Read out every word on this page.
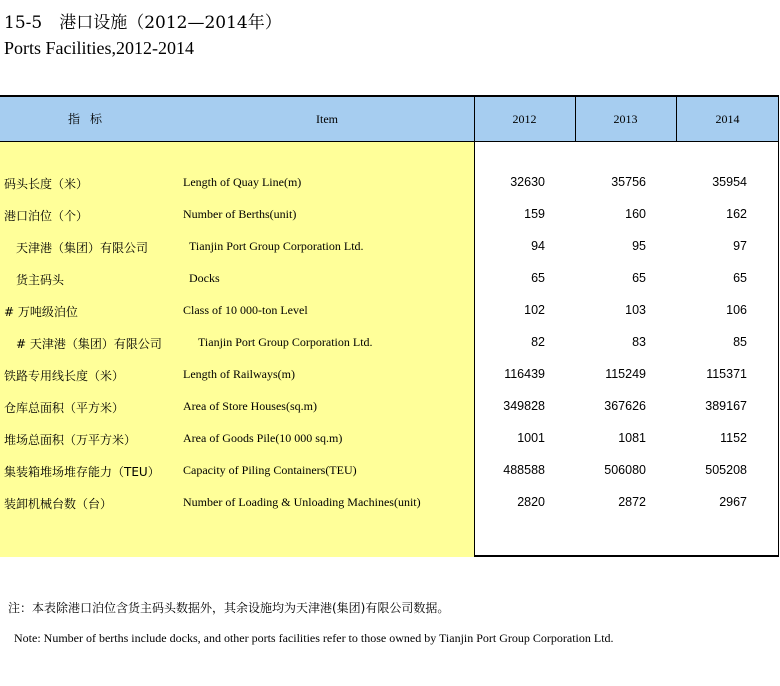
15-5　港口设施（2012—2014年）
Ports Facilities,2012-2014
指标	Item	2012	2013	2014
码头长度（米）	Length of Quay Line(m)	32630	35756	35954
港口泊位（个）	Number of Berths(unit)	159	160	162
天津港（集团）有限公司	Tianjin Port Group Corporation Ltd.	94	95	97
货主码头	Docks	65	65	65
# 万吨级泊位	Class of 10 000-ton Level	102	103	106
# 天津港（集团）有限公司	Tianjin Port Group Corporation Ltd.	82	83	85
铁路专用线长度（米）	Length of Railways(m)	116439	115249	115371
仓库总面积（平方米）	Area of Store Houses(sq.m)	349828	367626	389167
堆场总面积（万平方米）	Area of Goods Pile(10 000 sq.m)	1001	1081	1152
集装箱堆场堆存能力（TEU） Capacity of Piling Containers(TEU)	488588	506080	505208
装卸机械台数（台）	Number of Loading & Unloading Machines(unit)	2820	2872	2967
注：本表除港口泊位含货主码头数据外，其余设施均为天津港(集团)有限公司数据。
Note: Number of berths include docks, and other ports facilities refer to those owned by Tianjin Port Group Corporation Ltd.
